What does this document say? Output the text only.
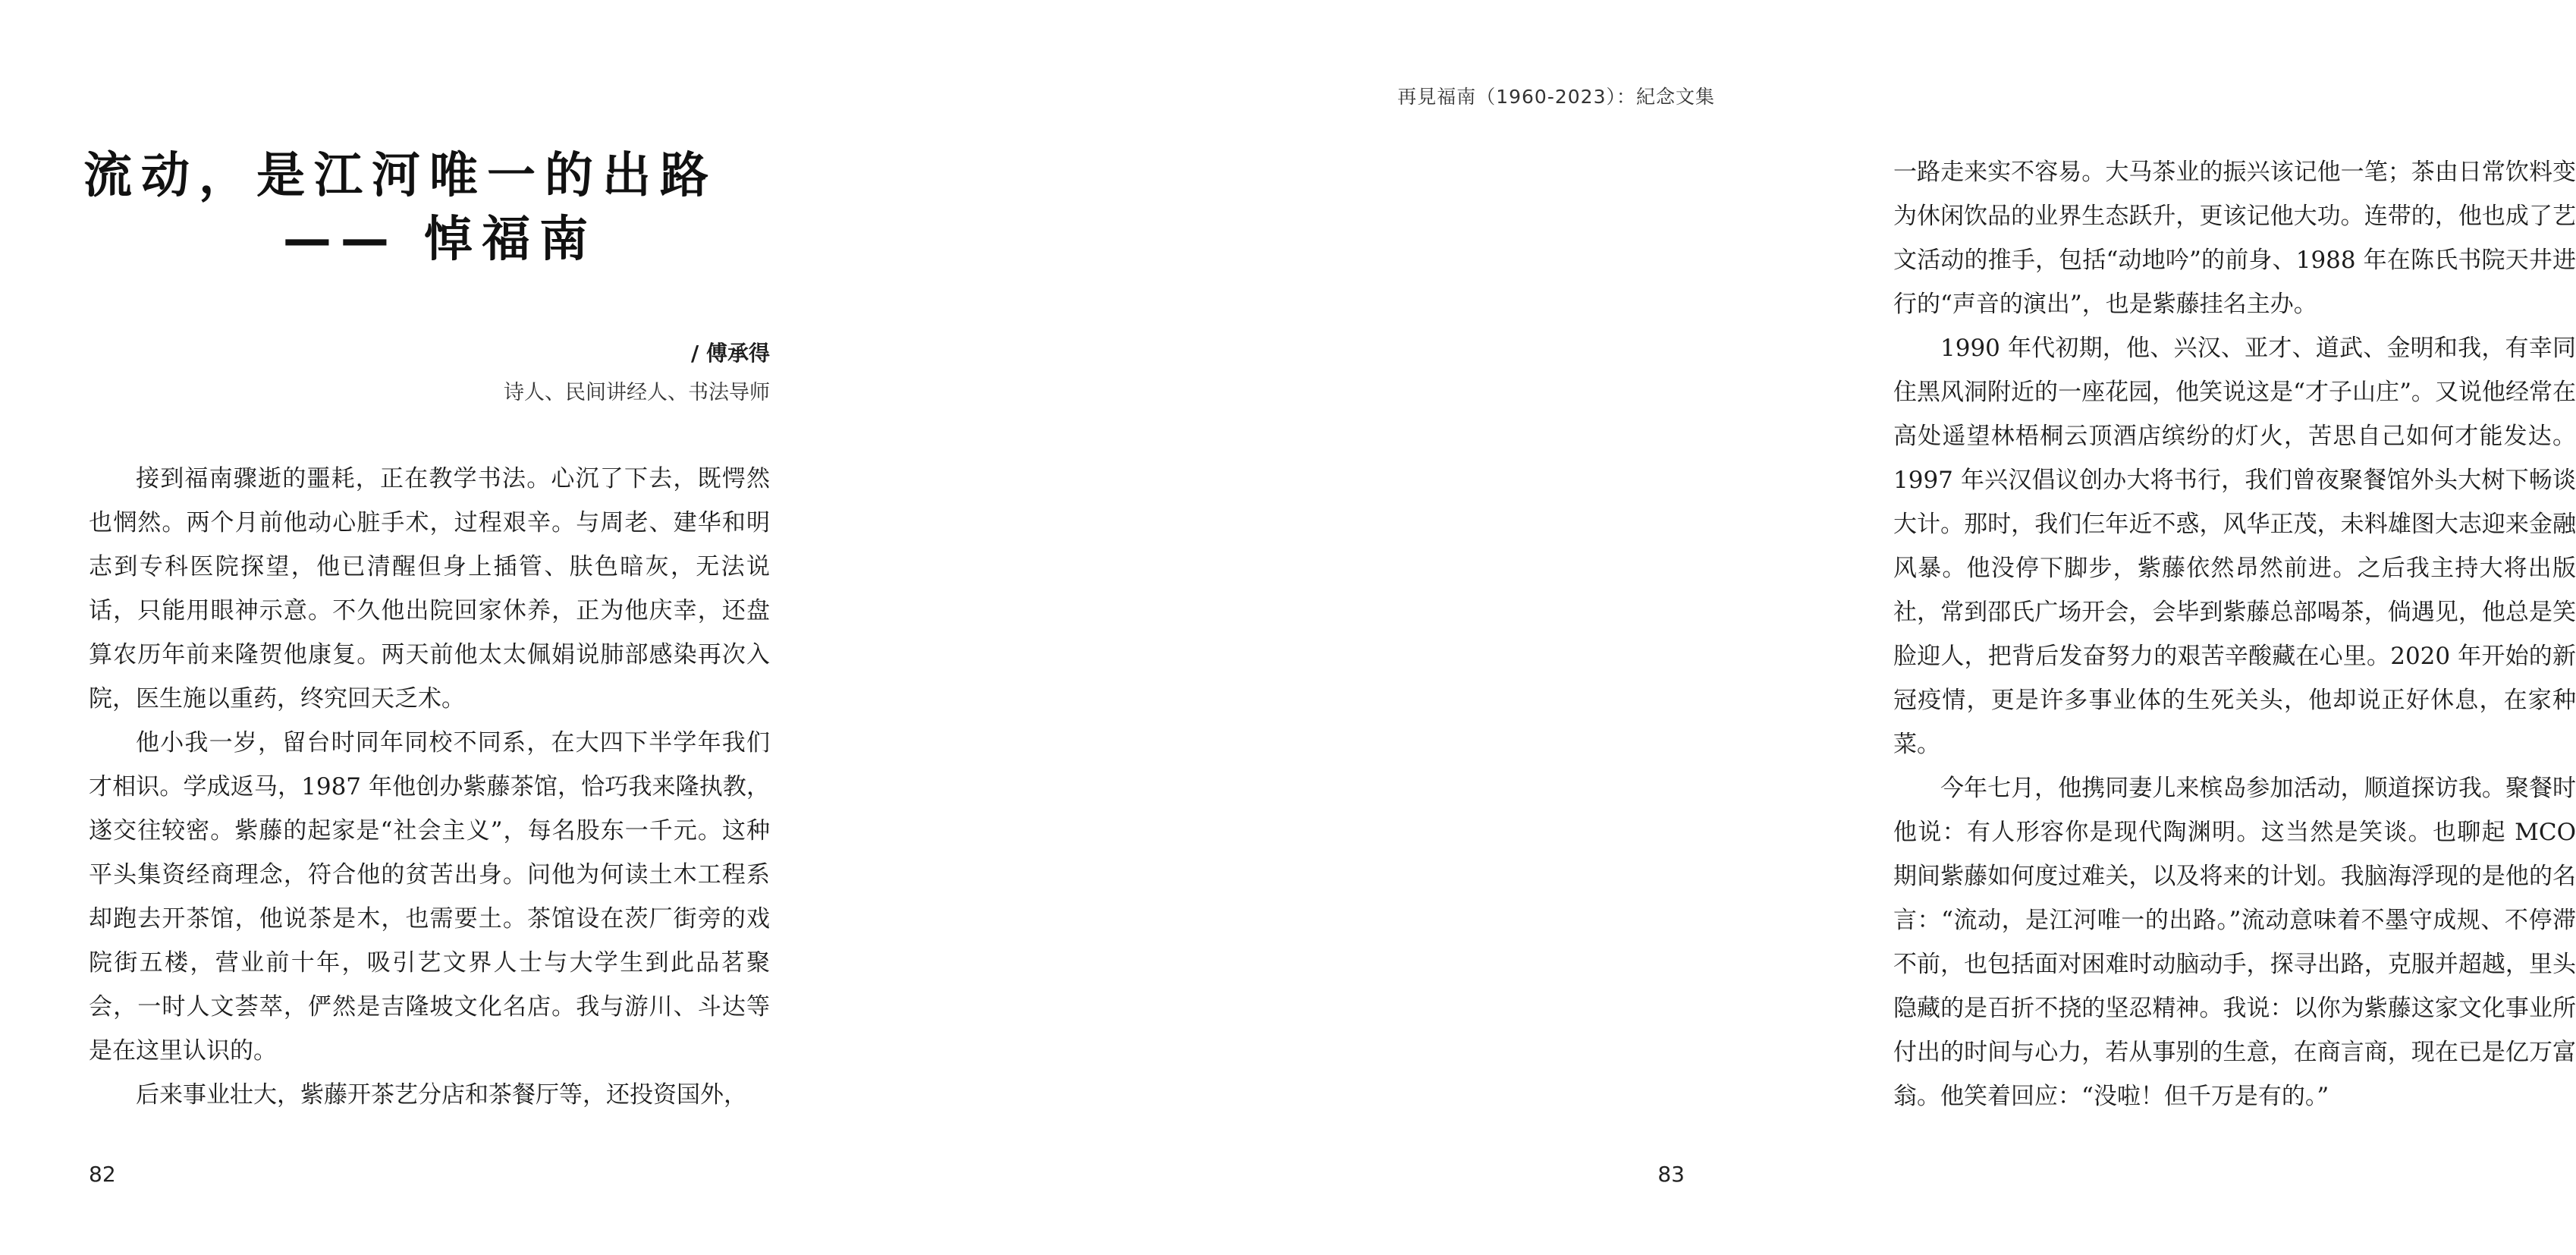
流动，是江河唯一的出路
—— 悼福南
/ 傅承得
诗人、民间讲经人、书法导师

接到福南骤逝的噩耗，正在教学书法。心沉了下去，既愕然也惘然。两个月前他动心脏手术，过程艰辛。与周老、建华和明志到专科医院探望，他已清醒但身上插管、肤色暗灰，无法说话，只能用眼神示意。不久他出院回家休养，正为他庆幸，还盘算农历年前来隆贺他康复。两天前他太太佩娟说肺部感染再次入院，医生施以重药，终究回天乏术。

他小我一岁，留台时同年同校不同系，在大四下半学年我们才相识。学成返马，1987 年他创办紫藤茶馆，恰巧我来隆执教，遂交往较密。紫藤的起家是“社会主义”，每名股东一千元。这种平头集资经商理念，符合他的贫苦出身。问他为何读土木工程系却跑去开茶馆，他说茶是木，也需要土。茶馆设在茨厂街旁的戏院街五楼，营业前十年，吸引艺文界人士与大学生到此品茗聚会，一时人文荟萃，俨然是吉隆坡文化名店。我与游川、斗达等是在这里认识的。

后来事业壮大，紫藤开茶艺分店和茶餐厅等，还投资国外，

82
再見福南（1960-2023）：紀念文集

一路走来实不容易。大马茶业的振兴该记他一笔；茶由日常饮料变为休闲饮品的业界生态跃升，更该记他大功。连带的，他也成了艺文活动的推手，包括“动地吟”的前身、1988 年在陈氏书院天井进行的“声音的演出”，也是紫藤挂名主办。

1990 年代初期，他、兴汉、亚才、道武、金明和我，有幸同住黑风洞附近的一座花园，他笑说这是“才子山庄”。又说他经常在高处遥望林梧桐云顶酒店缤纷的灯火，苦思自己如何才能发达。1997 年兴汉倡议创办大将书行，我们曾夜聚餐馆外头大树下畅谈大计。那时，我们仨年近不惑，风华正茂，未料雄图大志迎来金融风暴。他没停下脚步，紫藤依然昂然前进。之后我主持大将出版社，常到邵氏广场开会，会毕到紫藤总部喝茶，倘遇见，他总是笑脸迎人，把背后发奋努力的艰苦辛酸藏在心里。2020 年开始的新冠疫情，更是许多事业体的生死关头，他却说正好休息，在家种菜。

今年七月，他携同妻儿来槟岛参加活动，顺道探访我。聚餐时他说：有人形容你是现代陶渊明。这当然是笑谈。也聊起 MCO 期间紫藤如何度过难关，以及将来的计划。我脑海浮现的是他的名言：“流动，是江河唯一的出路。”流动意味着不墨守成规、不停滞不前，也包括面对困难时动脑动手，探寻出路，克服并超越，里头隐藏的是百折不挠的坚忍精神。我说：以你为紫藤这家文化事业所付出的时间与心力，若从事别的生意，在商言商，现在已是亿万富翁。他笑着回应：“没啦！但千万是有的。”

83
